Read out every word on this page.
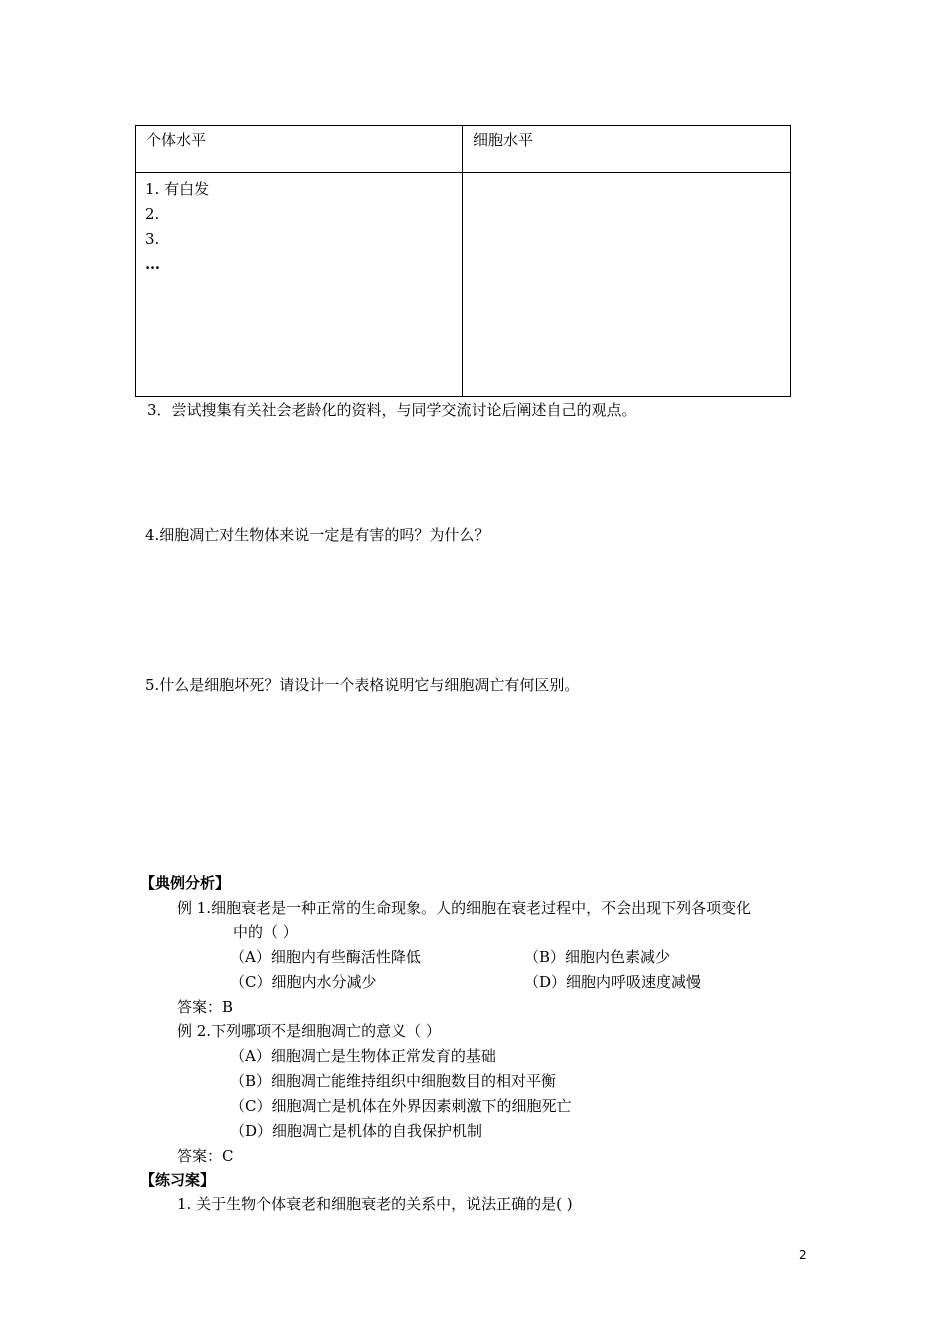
个体水平	细胞水平

1. 有白发
2.
3.
…	

3．尝试搜集有关社会老龄化的资料，与同学交流讨论后阐述自己的观点。
4.细胞凋亡对生物体来说一定是有害的吗？为什么？
5.什么是细胞坏死？请设计一个表格说明它与细胞凋亡有何区别。
【典例分析】
例 1.细胞衰老是一种正常的生命现象。人的细胞在衰老过程中，不会出现下列各项变化
中的（ ）
（A）细胞内有些酶活性降低	（B）细胞内色素减少
（C）细胞内水分减少	（D）细胞内呼吸速度减慢
答案：B
例 2.下列哪项不是细胞凋亡的意义（ ）
（A）细胞凋亡是生物体正常发育的基础
（B）细胞凋亡能维持组织中细胞数目的相对平衡
（C）细胞凋亡是机体在外界因素刺激下的细胞死亡
（D）细胞凋亡是机体的自我保护机制
答案：C
【练习案】
1. 关于生物个体衰老和细胞衰老的关系中，说法正确的是( )
2
